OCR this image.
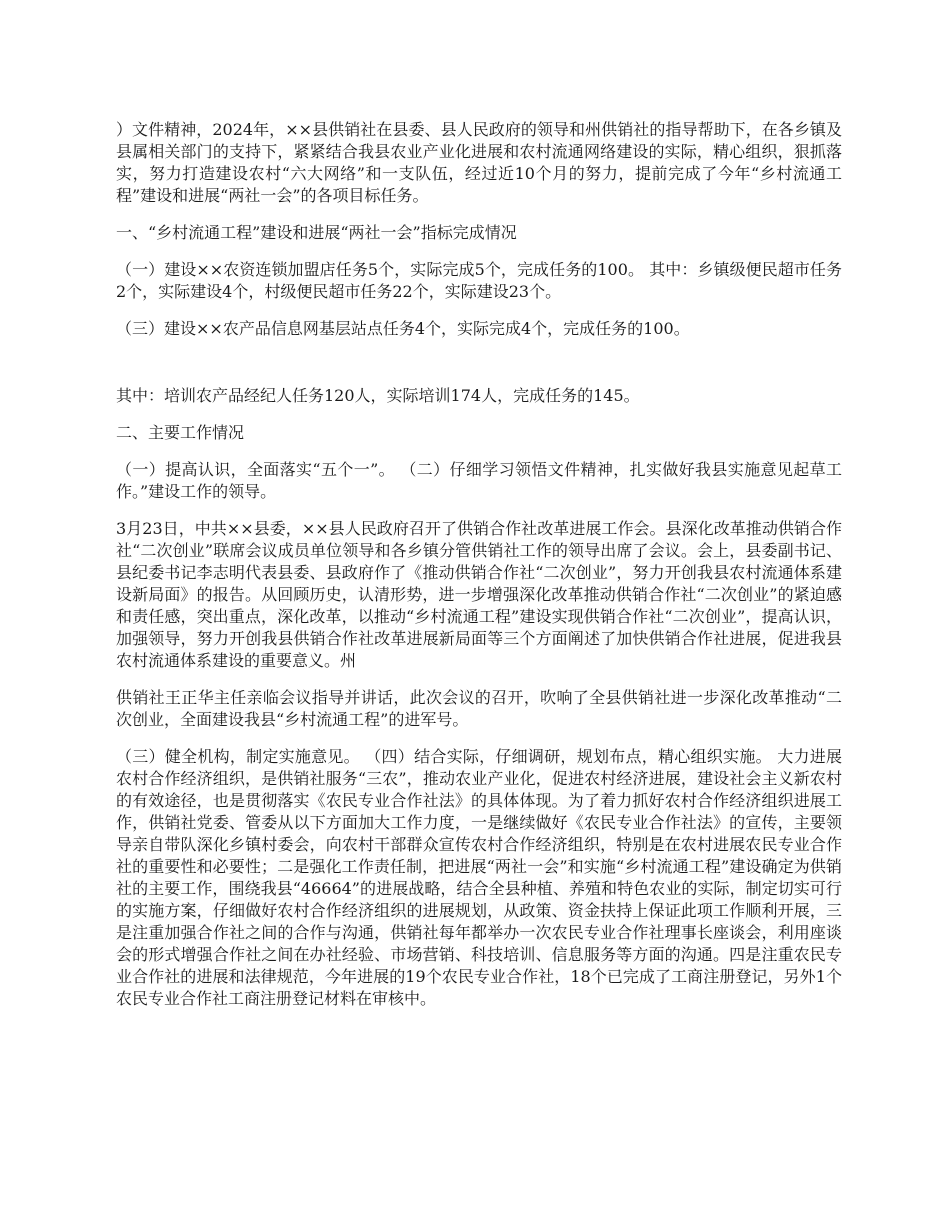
）文件精神，2024年，××县供销社在县委、县人民政府的领导和州供销社的指导帮助下，在各乡镇及县属相关部门的支持下，紧紧结合我县农业产业化进展和农村流通网络建设的实际，精心组织，狠抓落实，努力打造建设农村“六大网络”和一支队伍，经过近10个月的努力，提前完成了今年“乡村流通工程”建设和进展“两社一会”的各项目标任务。

一、“乡村流通工程”建设和进展“两社一会”指标完成情况

（一）建设××农资连锁加盟店任务5个，实际完成5个，完成任务的100。 其中：乡镇级便民超市任务2个，实际建设4个，村级便民超市任务22个，实际建设23个。

（三）建设××农产品信息网基层站点任务4个，实际完成4个，完成任务的100。

其中：培训农产品经纪人任务120人，实际培训174人，完成任务的145。

二、主要工作情况

（一）提高认识，全面落实“五个一”。 （二）仔细学习领悟文件精神，扎实做好我县实施意见起草工作。”建设工作的领导。

3月23日，中共××县委，××县人民政府召开了供销合作社改革进展工作会。县深化改革推动供销合作社“二次创业”联席会议成员单位领导和各乡镇分管供销社工作的领导出席了会议。会上，县委副书记、县纪委书记李志明代表县委、县政府作了《推动供销合作社“二次创业”，努力开创我县农村流通体系建设新局面》的报告。从回顾历史，认清形势，进一步增强深化改革推动供销合作社“二次创业”的紧迫感和责任感，突出重点，深化改革，以推动“乡村流通工程”建设实现供销合作社“二次创业”，提高认识，加强领导，努力开创我县供销合作社改革进展新局面等三个方面阐述了加快供销合作社进展，促进我县农村流通体系建设的重要意义。州

供销社王正华主任亲临会议指导并讲话，此次会议的召开，吹响了全县供销社进一步深化改革推动“二次创业，全面建设我县“乡村流通工程”的进军号。

（三）健全机构，制定实施意见。 （四）结合实际，仔细调研，规划布点，精心组织实施。 大力进展农村合作经济组织，是供销社服务“三农”，推动农业产业化，促进农村经济进展，建设社会主义新农村的有效途径，也是贯彻落实《农民专业合作社法》的具体体现。为了着力抓好农村合作经济组织进展工作，供销社党委、管委从以下方面加大工作力度，一是继续做好《农民专业合作社法》的宣传，主要领导亲自带队深化乡镇村委会，向农村干部群众宣传农村合作经济组织，特别是在农村进展农民专业合作社的重要性和必要性；二是强化工作责任制，把进展“两社一会”和实施“乡村流通工程”建设确定为供销社的主要工作，围绕我县“46664”的进展战略，结合全县种植、养殖和特色农业的实际，制定切实可行的实施方案，仔细做好农村合作经济组织的进展规划，从政策、资金扶持上保证此项工作顺利开展，三是注重加强合作社之间的合作与沟通，供销社每年都举办一次农民专业合作社理事长座谈会，利用座谈会的形式增强合作社之间在办社经验、市场营销、科技培训、信息服务等方面的沟通。四是注重农民专业合作社的进展和法律规范，今年进展的19个农民专业合作社，18个已完成了工商注册登记，另外1个农民专业合作社工商注册登记材料在审核中。
